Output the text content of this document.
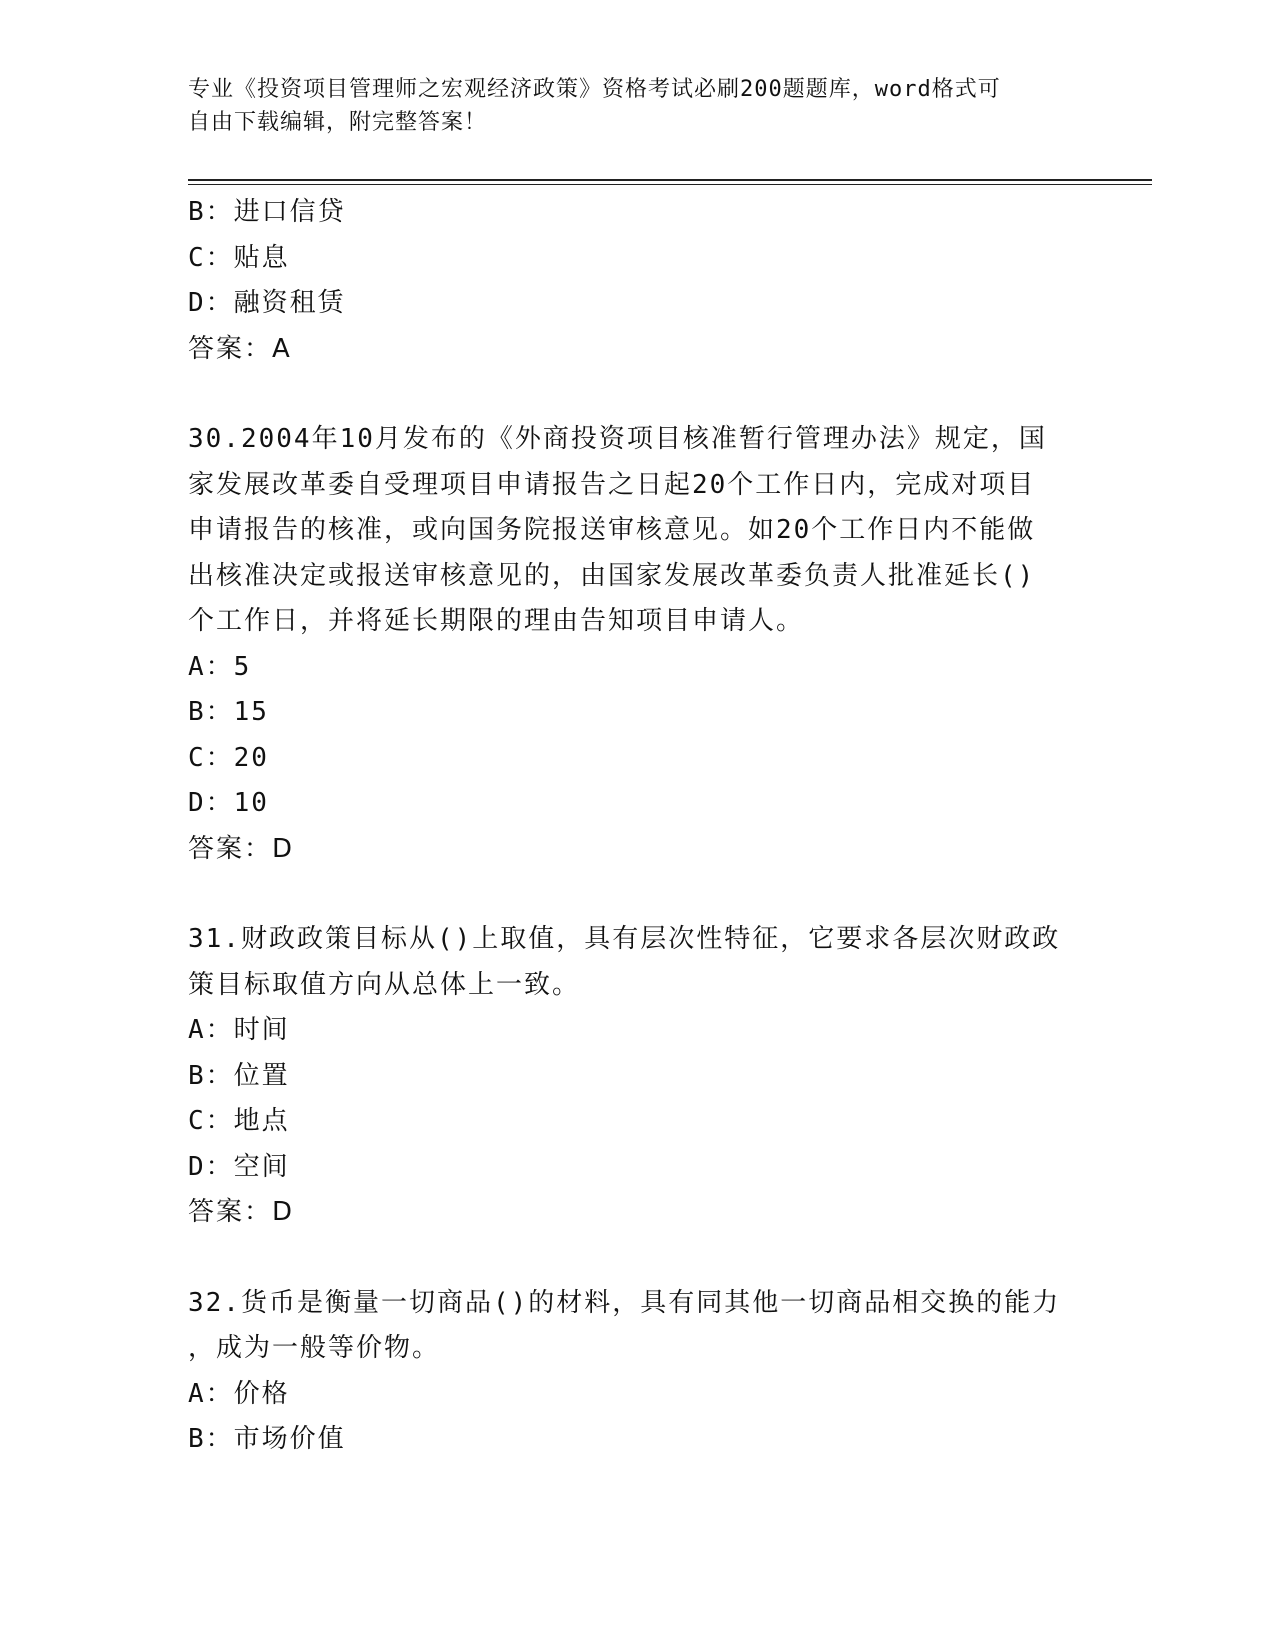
专业《投资项目管理师之宏观经济政策》资格考试必刷200题题库，word格式可
自由下载编辑，附完整答案！
B：进口信贷
C：贴息
D：融资租赁
答案：A
30.2004年10月发布的《外商投资项目核准暂行管理办法》规定，国
家发展改革委自受理项目申请报告之日起20个工作日内，完成对项目
申请报告的核准，或向国务院报送审核意见。如20个工作日内不能做
出核准决定或报送审核意见的，由国家发展改革委负责人批准延长()
个工作日，并将延长期限的理由告知项目申请人。
A：5
B：15
C：20
D：10
答案：D
31.财政政策目标从()上取值，具有层次性特征，它要求各层次财政政
策目标取值方向从总体上一致。
A：时间
B：位置
C：地点
D：空间
答案：D
32.货币是衡量一切商品()的材料，具有同其他一切商品相交换的能力
，成为一般等价物。
A：价格
B：市场价值
